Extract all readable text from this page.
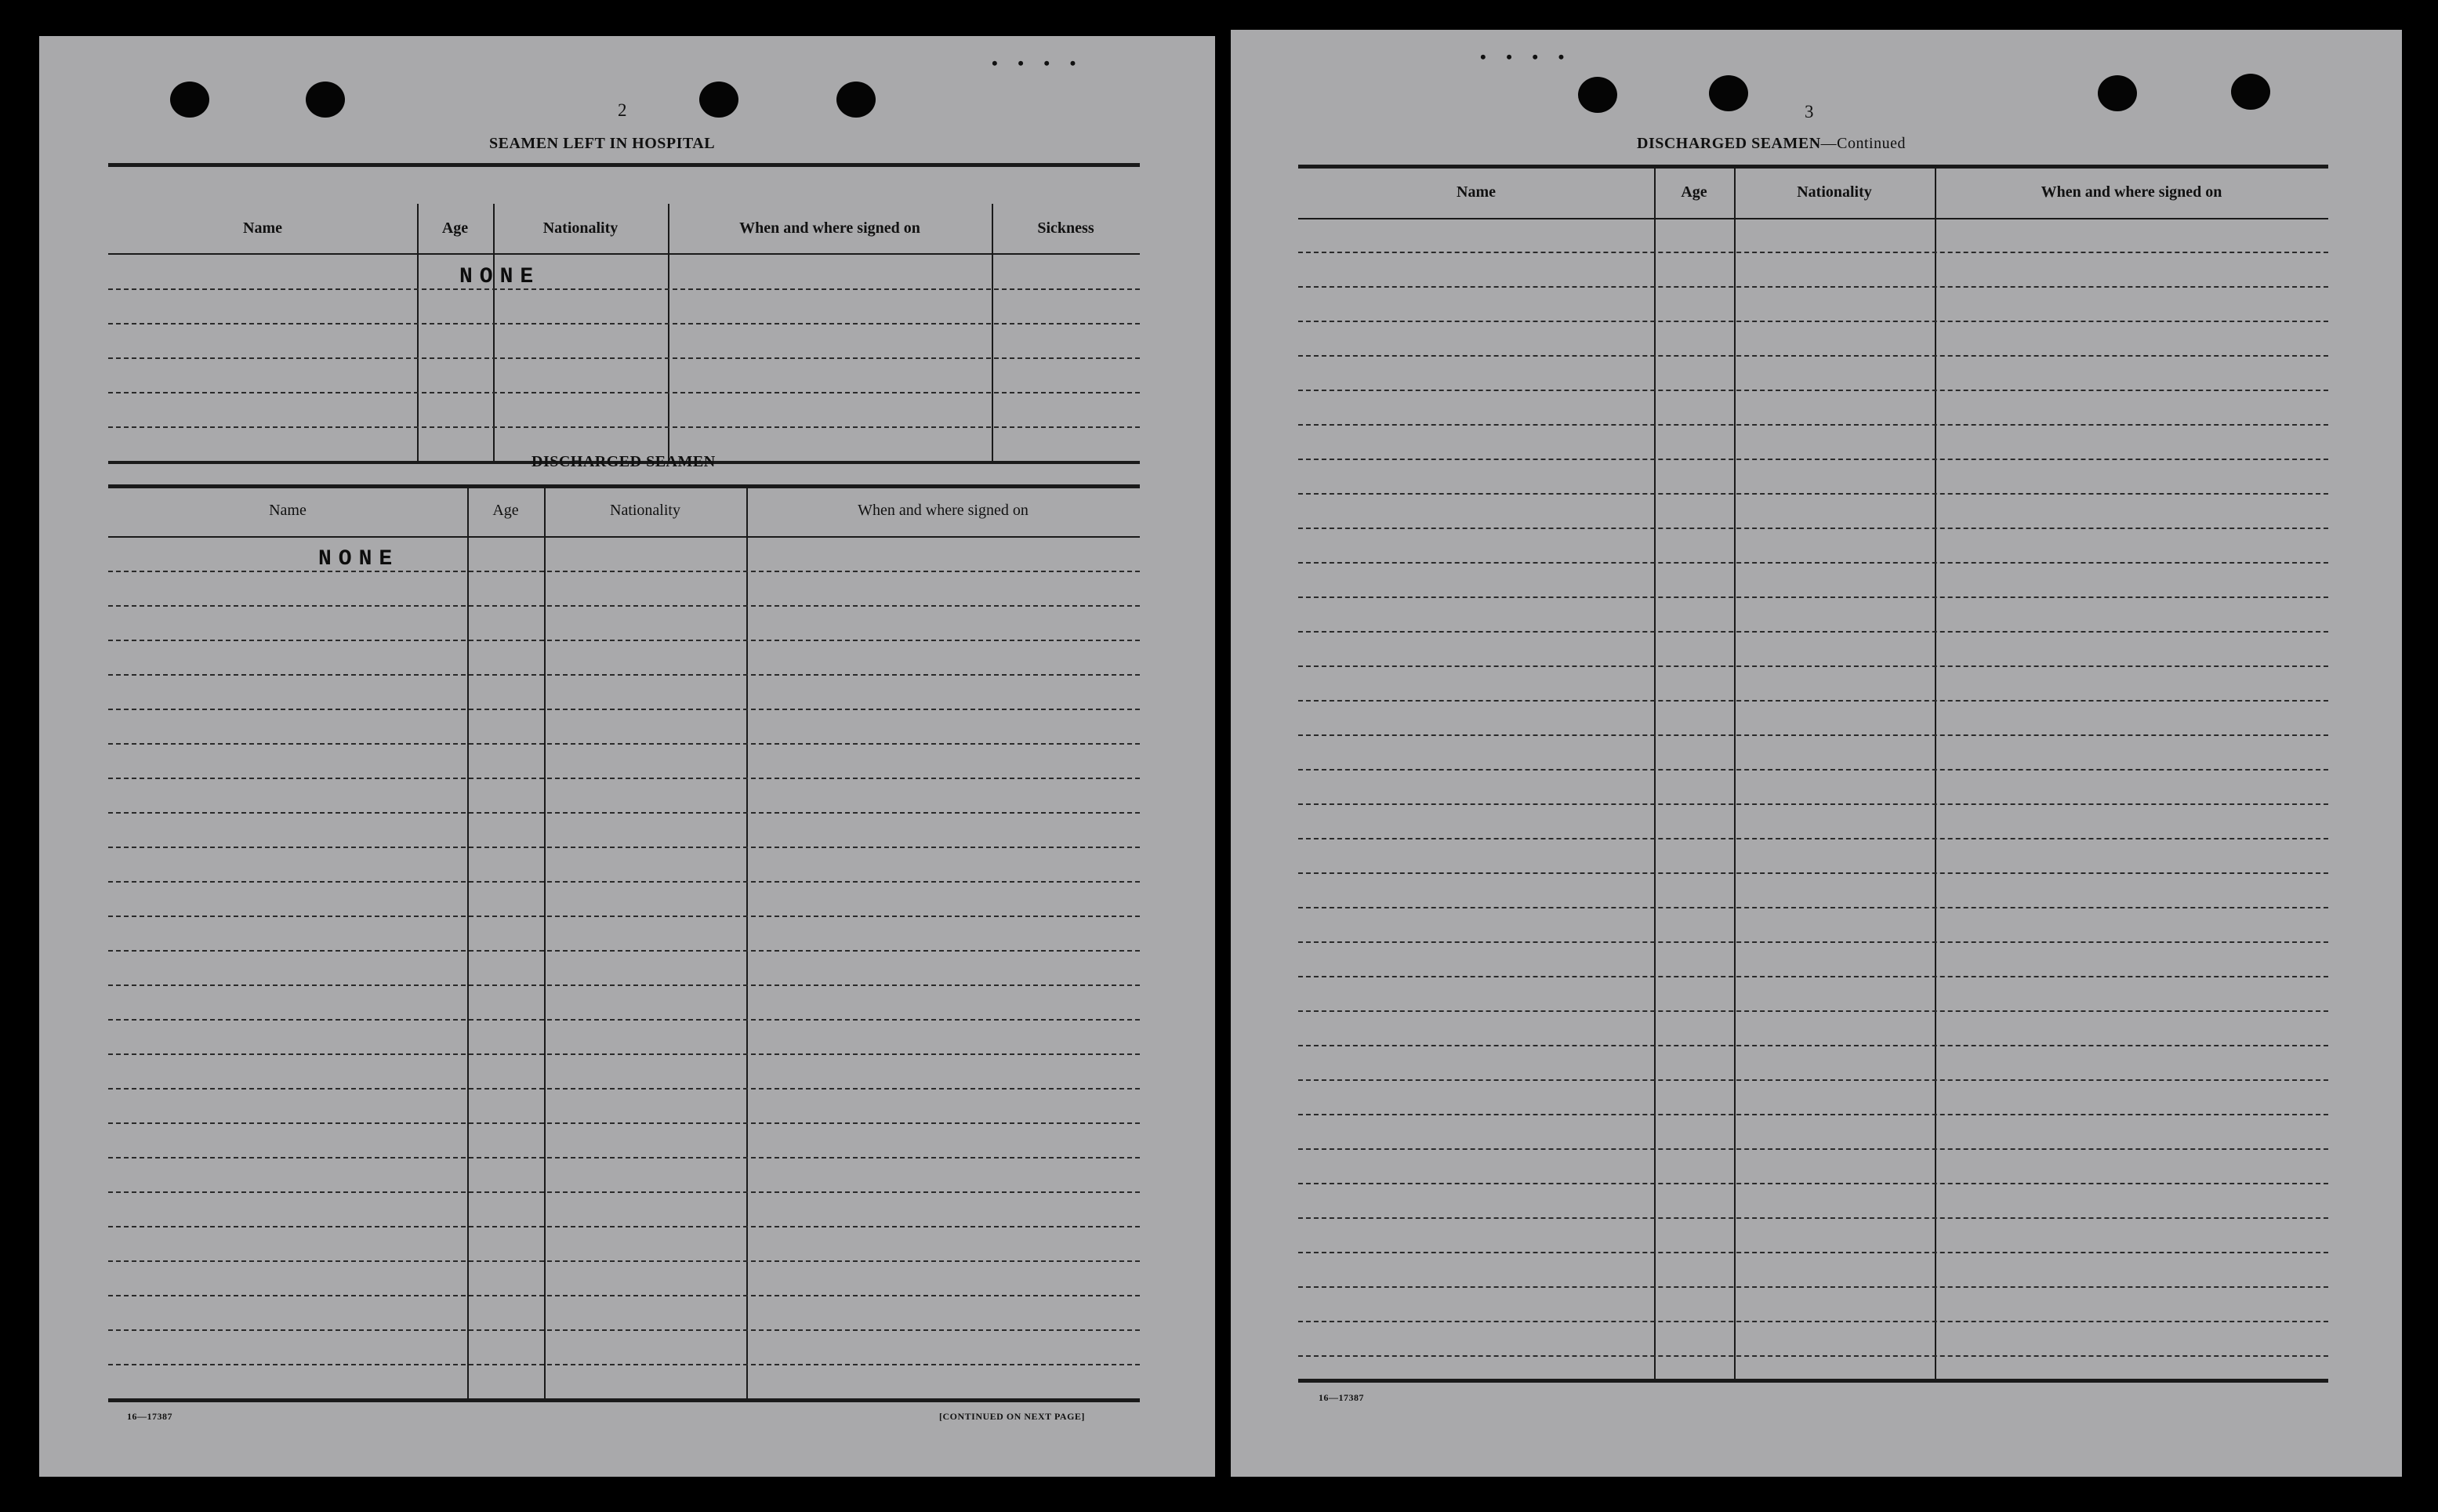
• • • •
2
SEAMEN LEFT IN HOSPITAL
Name	Age	Nationality	When and where signed on	Sickness
NONE
DISCHARGED SEAMEN
Name	Age	Nationality	When and where signed on
NONE
16—17387	[CONTINUED ON NEXT PAGE]
• • • •
3
DISCHARGED SEAMEN—Continued
Name	Age	Nationality	When and where signed on
16—17387
